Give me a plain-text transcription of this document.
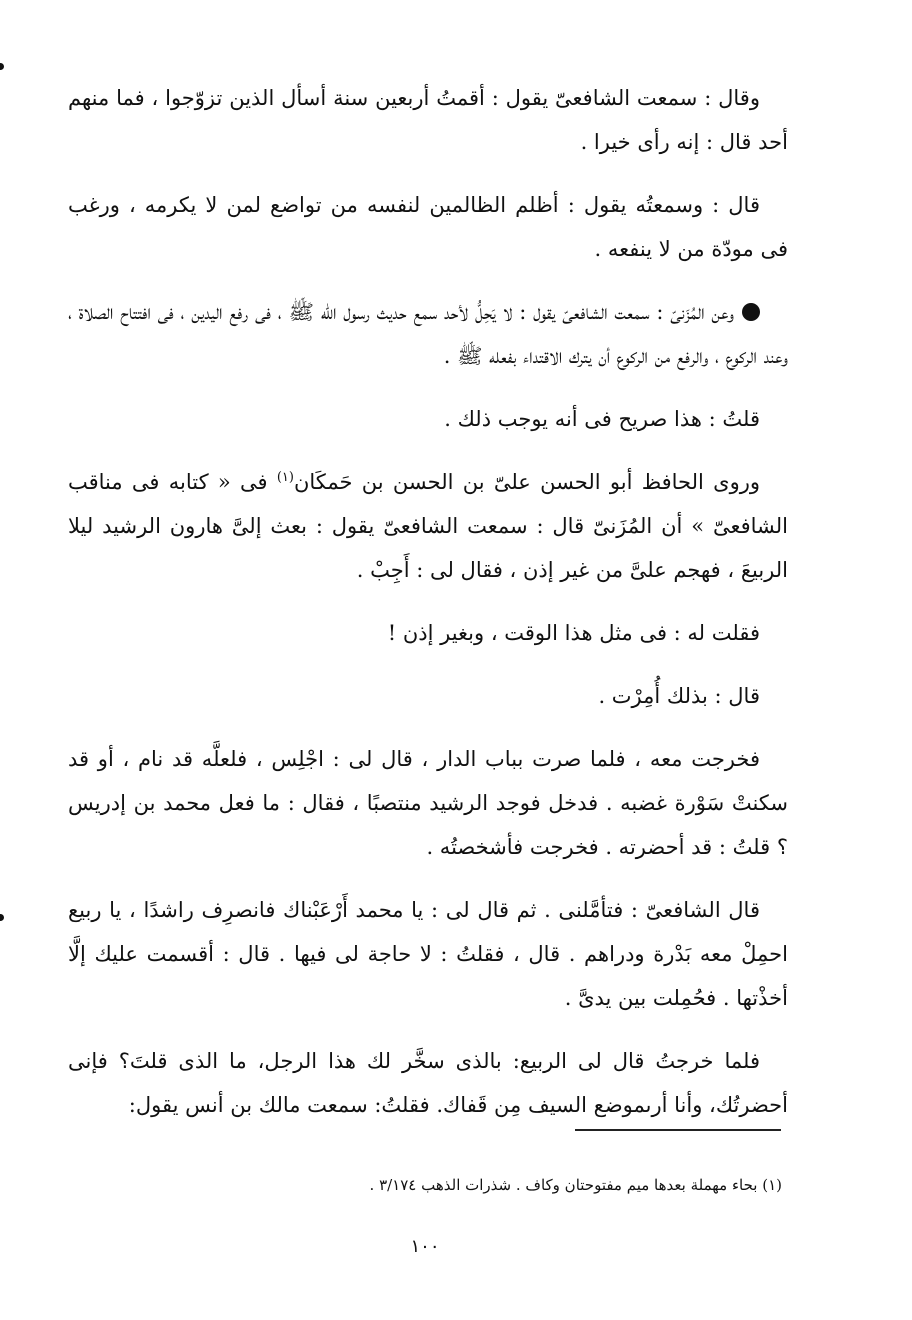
وقال : سمعت الشافعىّ يقول : أقمتُ أربعين سنة أسأل الذين تزوّجوا ، فما منهم أحد قال : إنه رأى خيرا .

قال : وسمعتُه يقول : أظلم الظالمين لنفسه من تواضع لمن لا يكرمه ، ورغب فى مودّة من لا ينفعه .

وعن المُزَنىّ : سمعت الشافعىّ يقول : لا يَحِلُّ لأحد سمع حديث رسول الله ﷺ ، فى رفع اليدين ، فى افتتاح الصلاة ، وعند الركوع ، والرفع من الركوع أن يترك الاقتداء بفعله ﷺ .

قلتُ : هذا صريح فى أنه يوجب ذلك .

وروى الحافظ أبو الحسن علىّ بن الحسن بن حَمكَان$^{(١)}$ فى « كتابه فى مناقب الشافعىّ » أن المُزَنىّ قال : سمعت الشافعىّ يقول : بعث إلىَّ هارون الرشيد ليلا الربيعَ ، فهجم علىَّ من غير إذن ، فقال لى : أَجِبْ .

فقلت له : فى مثل هذا الوقت ، وبغير إذن !

قال : بذلك أُمِرْت .

فخرجت معه ، فلما صرت بباب الدار ، قال لى : اجْلِس ، فلعلَّه قد نام ، أو قد سكنتْ سَوْرة غضبه . فدخل فوجد الرشيد منتصبًا ، فقال : ما فعل محمد بن إدريس ؟ قلتُ : قد أحضرته . فخرجت فأشخصتُه .

قال الشافعىّ : فتأمَّلنى . ثم قال لى : يا محمد أَرْعَبْناك فانصرِف راشدًا ، يا ربيع احمِلْ معه بَدْرة ودراهم . قال ، فقلتُ : لا حاجة لى فيها . قال : أقسمت عليك إلَّا أخذْتها . فحُمِلت بين يدىَّ .

فلما خرجتُ قال لى الربيع: بالذى سخَّر لك هذا الرجل، ما الذى قلتَ؟ فإنى أحضرتُك، وأنا أرىموضع السيف مِن قَفاك. فقلتُ: سمعت مالك بن أنس يقول:

(١) بحاء مهملة بعدها ميم مفتوحتان وكاف . شذرات الذهب ٣/١٧٤ .
١٠٠
